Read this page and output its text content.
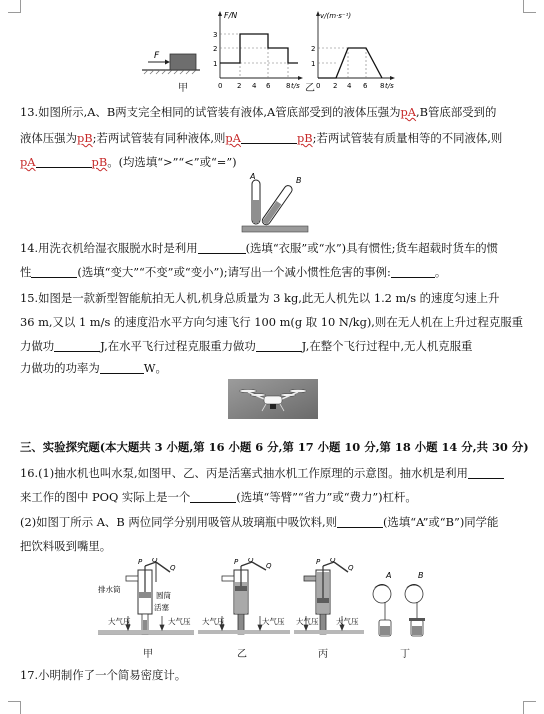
F
F/N
3
2
1
0 2 4 6 8 t/s
v/(m·s⁻¹)
2
1
0 2 4 6 8 t/s
甲	乙
13.如图所示,A、B两支完全相同的试管装有液体,A管底部受到的液体压强为pA,B管底部受到的
液体压强为pB;若两试管装有同种液体,则pA	pB;若两试管装有质量相等的不同液体,则
pA	pB。(均选填“>”“<”或“=”)
A	B
14.用洗衣机给湿衣服脱水时是利用	(选填“衣服”或“水”)具有惯性;货车超载时货车的惯
性	(选填“变大”“不变”或“变小”);请写出一个减小惯性危害的事例:	。
15.如图是一款新型智能航拍无人机,机身总质量为 3 kg,此无人机先以 1.2 m/s 的速度匀速上升
36 m,又以 1 m/s 的速度沿水平方向匀速飞行 100 m(g 取 10 N/kg),则在无人机在上升过程克服重
力做功	J,在水平飞行过程克服重力做功	J,在整个飞行过程中,无人机克服重
力做功的功率为	W。
三、实验探究题(本大题共 3 小题,第 16 小题 6 分,第 17 小题 10 分,第 18 小题 14 分,共 30 分)
16.(1)抽水机也叫水泵,如图甲、乙、丙是活塞式抽水机工作原理的示意图。抽水机是利用
来工作的图中 POQ 实际上是一个	(选填“等臂”“省力”或“费力”)杠杆。
(2)如图丁所示 A、B 两位同学分别用吸管从玻璃瓶中吸饮料,则	(选填“A”或“B”)同学能
把饮料吸到嘴里。
排水筒
圆筒
活塞
大气压	大气压
P O
Q
大气压	大气压
P O
Q
大气压 大气压
P O
Q
A	B
甲	乙	丙	丁
17.小明制作了一个简易密度计。
